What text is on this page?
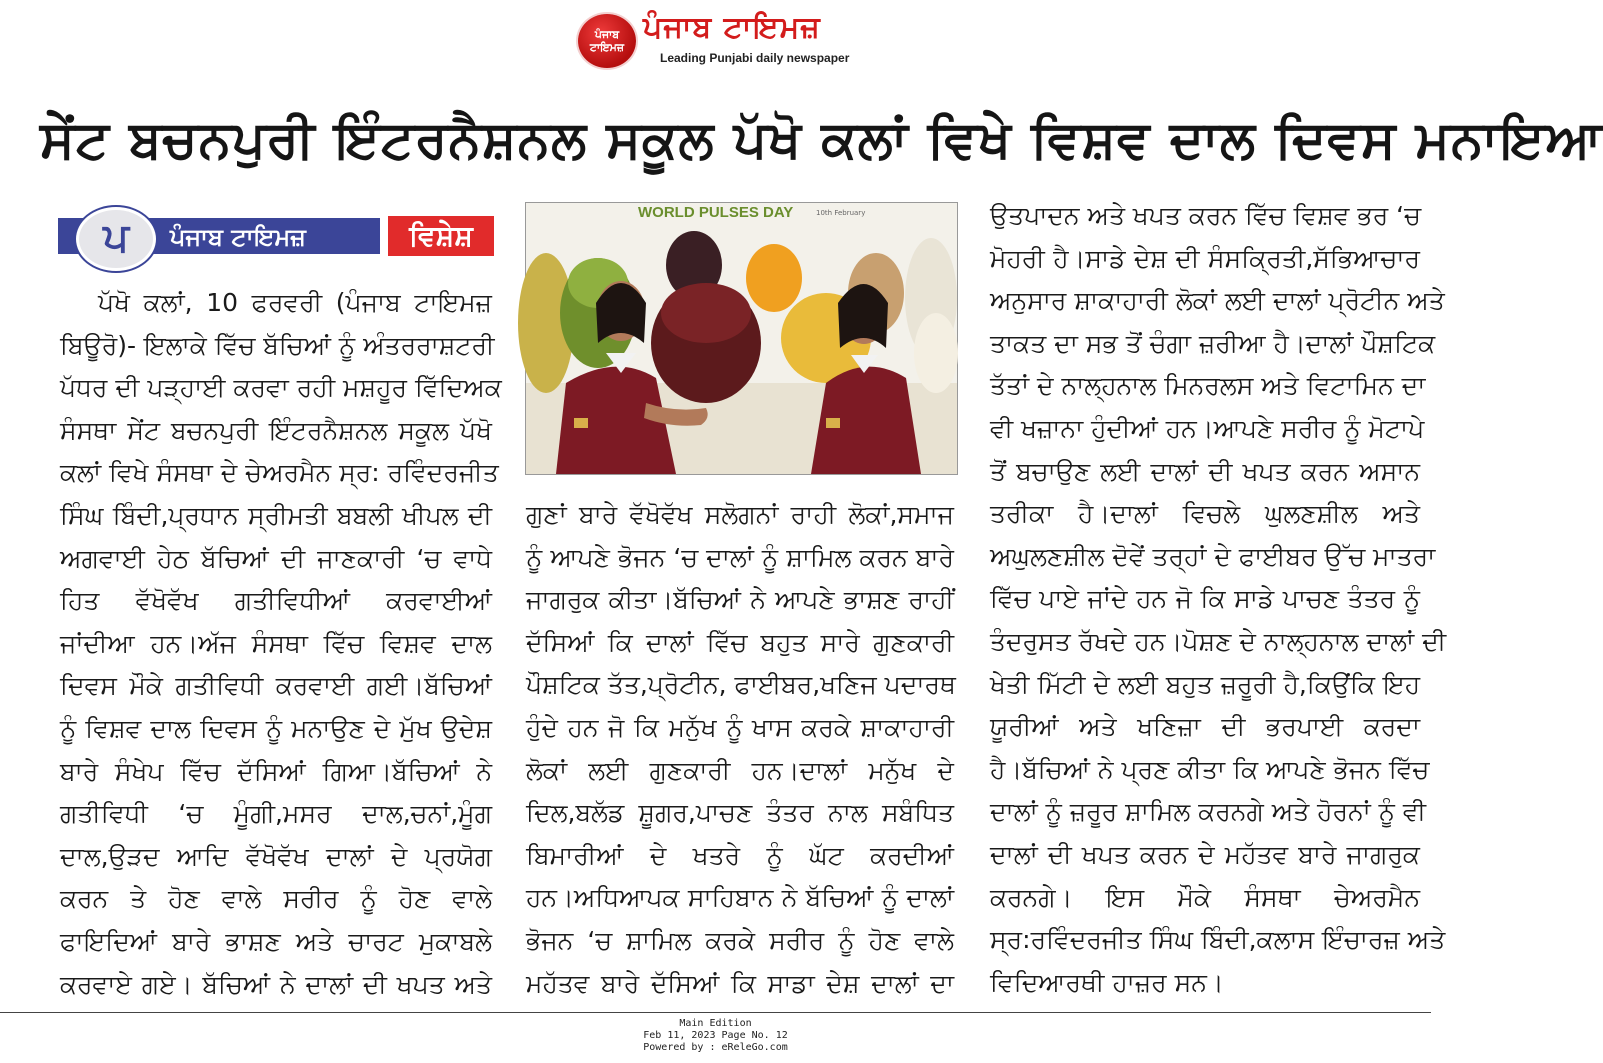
ਪੰਜਾਬ ਟਾਇਮਜ਼
ਪੰਜਾਬ ਟਾਇਮਜ਼
Leading Punjabi daily newspaper
ਸੇਂਟ ਬਚਨਪੁਰੀ ਇੰਟਰਨੈਸ਼ਨਲ ਸਕੂਲ ਪੱਖੋ ਕਲਾਂ ਵਿਖੇ ਵਿਸ਼ਵ ਦਾਲ ਦਿਵਸ ਮਨਾਇਆ
ਪ	ਪੰਜਾਬ ਟਾਇਮਜ਼	ਵਿਸ਼ੇਸ਼

ਪੱਖੋ ਕਲਾਂ, 10 ਫਰਵਰੀ (ਪੰਜਾਬ ਟਾਇਮਜ਼

ਬਿਊਰੋ)- ਇਲਾਕੇ ਵਿੱਚ ਬੱਚਿਆਂ ਨੂੰ ਅੰਤਰਰਾਸ਼ਟਰੀ

ਪੱਧਰ ਦੀ ਪੜ੍ਹਾਈ ਕਰਵਾ ਰਹੀ ਮਸ਼ਹੂਰ ਵਿੱਦਿਅਕ

ਸੰਸਥਾ ਸੇਂਟ ਬਚਨਪੁਰੀ ਇੰਟਰਨੈਸ਼ਨਲ ਸਕੂਲ ਪੱਖੋ

ਕਲਾਂ ਵਿਖੇ ਸੰਸਥਾ ਦੇ ਚੇਅਰਮੈਨ ਸ੍ਰ: ਰਵਿੰਦਰਜੀਤ

ਸਿੰਘ ਬਿੰਦੀ,ਪ੍ਰਧਾਨ ਸ੍ਰੀਮਤੀ ਬਬਲੀ ਖੀਪਲ ਦੀ

ਅਗਵਾਈ ਹੇਠ ਬੱਚਿਆਂ ਦੀ ਜਾਣਕਾਰੀ ‘ਚ ਵਾਧੇ

ਹਿਤ ਵੱਖੋਵੱਖ ਗਤੀਵਿਧੀਆਂ ਕਰਵਾਈਆਂ

ਜਾਂਦੀਆ ਹਨ।ਅੱਜ ਸੰਸਥਾ ਵਿੱਚ ਵਿਸ਼ਵ ਦਾਲ

ਦਿਵਸ ਮੌਕੇ ਗਤੀਵਿਧੀ ਕਰਵਾਈ ਗਈ।ਬੱਚਿਆਂ

ਨੂੰ ਵਿਸ਼ਵ ਦਾਲ ਦਿਵਸ ਨੂੰ ਮਨਾਉਣ ਦੇ ਮੁੱਖ ਉਦੇਸ਼

ਬਾਰੇ ਸੰਖੇਪ ਵਿੱਚ ਦੱਸਿਆਂ ਗਿਆ।ਬੱਚਿਆਂ ਨੇ

ਗਤੀਵਿਧੀ ‘ਚ ਮੂੰਗੀ,ਮਸਰ ਦਾਲ,ਚਨਾਂ,ਮੂੰਗ

ਦਾਲ,ਉੜਦ ਆਦਿ ਵੱਖੋਵੱਖ ਦਾਲਾਂ ਦੇ ਪ੍ਰਯੋਗ

ਕਰਨ ਤੇ ਹੋਣ ਵਾਲੇ ਸਰੀਰ ਨੂੰ ਹੋਣ ਵਾਲੇ

ਫਾਇਦਿਆਂ ਬਾਰੇ ਭਾਸ਼ਣ ਅਤੇ ਚਾਰਟ ਮੁਕਾਬਲੇ

ਕਰਵਾਏ ਗਏ। ਬੱਚਿਆਂ ਨੇ ਦਾਲਾਂ ਦੀ ਖਪਤ ਅਤੇ

WORLD PULSES DAY	10th February

ਗੁਣਾਂ ਬਾਰੇ ਵੱਖੋਵੱਖ ਸਲੋਗਨਾਂ ਰਾਹੀ ਲੋਕਾਂ,ਸਮਾਜ

ਨੂੰ ਆਪਣੇ ਭੋਜਨ ‘ਚ ਦਾਲਾਂ ਨੂੰ ਸ਼ਾਮਿਲ ਕਰਨ ਬਾਰੇ

ਜਾਗਰੁਕ ਕੀਤਾ।ਬੱਚਿਆਂ ਨੇ ਆਪਣੇ ਭਾਸ਼ਣ ਰਾਹੀਂ

ਦੱਸਿਆਂ ਕਿ ਦਾਲਾਂ ਵਿੱਚ ਬਹੁਤ ਸਾਰੇ ਗੁਣਕਾਰੀ

ਪੌਸ਼ਟਿਕ ਤੱਤ,ਪ੍ਰੋਟੀਨ, ਫਾਈਬਰ,ਖਣਿਜ ਪਦਾਰਥ

ਹੁੰਦੇ ਹਨ ਜੋ ਕਿ ਮਨੁੱਖ ਨੂੰ ਖਾਸ ਕਰਕੇ ਸ਼ਾਕਾਹਾਰੀ

ਲੋਕਾਂ ਲਈ ਗੁਣਕਾਰੀ ਹਨ।ਦਾਲਾਂ ਮਨੁੱਖ ਦੇ

ਦਿਲ,ਬਲੱਡ ਸ਼ੂਗਰ,ਪਾਚਣ ਤੰਤਰ ਨਾਲ ਸਬੰਧਿਤ

ਬਿਮਾਰੀਆਂ ਦੇ ਖਤਰੇ ਨੂੰ ਘੱਟ ਕਰਦੀਆਂ

ਹਨ।ਅਧਿਆਪਕ ਸਾਹਿਬਾਨ ਨੇ ਬੱਚਿਆਂ ਨੂੰ ਦਾਲਾਂ

ਭੋਜਨ ‘ਚ ਸ਼ਾਮਿਲ ਕਰਕੇ ਸਰੀਰ ਨੂੰ ਹੋਣ ਵਾਲੇ

ਮਹੱਤਵ ਬਾਰੇ ਦੱਸਿਆਂ ਕਿ ਸਾਡਾ ਦੇਸ਼ ਦਾਲਾਂ ਦਾ

ਉਤਪਾਦਨ ਅਤੇ ਖਪਤ ਕਰਨ ਵਿੱਚ ਵਿਸ਼ਵ ਭਰ ‘ਚ

ਮੋਹਰੀ ਹੈ।ਸਾਡੇ ਦੇਸ਼ ਦੀ ਸੰਸਕ੍ਰਿਤੀ,ਸੱਭਿਆਚਾਰ

ਅਨੁਸਾਰ ਸ਼ਾਕਾਹਾਰੀ ਲੋਕਾਂ ਲਈ ਦਾਲਾਂ ਪ੍ਰੋਟੀਨ ਅਤੇ

ਤਾਕਤ ਦਾ ਸਭ ਤੋਂ ਚੰਗਾ ਜ਼ਰੀਆ ਹੈ।ਦਾਲਾਂ ਪੌਸ਼ਟਿਕ

ਤੱਤਾਂ ਦੇ ਨਾਲ੍ਹਨਾਲ ਮਿਨਰਲਸ ਅਤੇ ਵਿਟਾਮਿਨ ਦਾ

ਵੀ ਖਜ਼ਾਨਾ ਹੁੰਦੀਆਂ ਹਨ।ਆਪਣੇ ਸਰੀਰ ਨੂੰ ਮੋਟਾਪੇ

ਤੋਂ ਬਚਾਉਣ ਲਈ ਦਾਲਾਂ ਦੀ ਖਪਤ ਕਰਨ ਅਸਾਨ

ਤਰੀਕਾ ਹੈ।ਦਾਲਾਂ ਵਿਚਲੇ ਘੁਲਣਸ਼ੀਲ ਅਤੇ

ਅਘੁਲਣਸ਼ੀਲ ਦੋਵੇਂ ਤਰ੍ਹਾਂ ਦੇ ਫਾਈਬਰ ਉੱਚ ਮਾਤਰਾ

ਵਿੱਚ ਪਾਏ ਜਾਂਦੇ ਹਨ ਜੋ ਕਿ ਸਾਡੇ ਪਾਚਣ ਤੰਤਰ ਨੂੰ

ਤੰਦਰੁਸਤ ਰੱਖਦੇ ਹਨ।ਪੋਸ਼ਣ ਦੇ ਨਾਲ੍ਹਨਾਲ ਦਾਲਾਂ ਦੀ

ਖੇਤੀ ਮਿੱਟੀ ਦੇ ਲਈ ਬਹੁਤ ਜ਼ਰੂਰੀ ਹੈ,ਕਿਉਂਕਿ ਇਹ

ਯੂਰੀਆਂ ਅਤੇ ਖਣਿਜ਼ਾ ਦੀ ਭਰਪਾਈ ਕਰਦਾ

ਹੈ।ਬੱਚਿਆਂ ਨੇ ਪ੍ਰਣ ਕੀਤਾ ਕਿ ਆਪਣੇ ਭੋਜਨ ਵਿੱਚ

ਦਾਲਾਂ ਨੂੰ ਜ਼ਰੂਰ ਸ਼ਾਮਿਲ ਕਰਨਗੇ ਅਤੇ ਹੋਰਨਾਂ ਨੂੰ ਵੀ

ਦਾਲਾਂ ਦੀ ਖਪਤ ਕਰਨ ਦੇ ਮਹੱਤਵ ਬਾਰੇ ਜਾਗਰੁਕ

ਕਰਨਗੇ। ਇਸ ਮੌਕੇ ਸੰਸਥਾ ਚੇਅਰਮੈਨ

ਸ੍ਰ:ਰਵਿੰਦਰਜੀਤ ਸਿੰਘ ਬਿੰਦੀ,ਕਲਾਸ ਇੰਚਾਰਜ਼ ਅਤੇ

ਵਿਦਿਆਰਥੀ ਹਾਜ਼ਰ ਸਨ।

Main Edition
Feb 11, 2023 Page No. 12
Powered by : eReleGo.com
